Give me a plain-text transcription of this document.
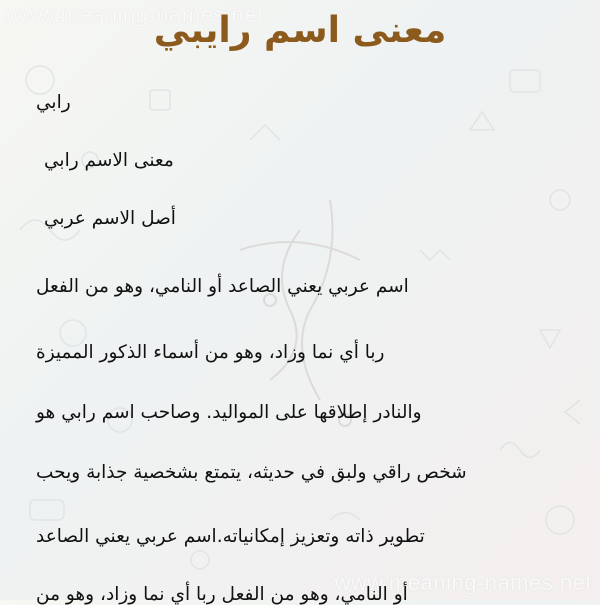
www.meaning-names.net
www.meaning-names.net
معنى اسم رايبي
رابي
معنى الاسم رابي
أصل الاسم عربي
اسم عربي يعني الصاعد أو النامي، وهو من الفعل
ربا أي نما وزاد، وهو من أسماء الذكور المميزة
والنادر إطلاقها على المواليد. وصاحب اسم رابي هو
شخص راقي ولبق في حديثه، يتمتع بشخصية جذابة ويحب
تطوير ذاته وتعزيز إمكانياته.اسم عربي يعني الصاعد
أو النامي، وهو من الفعل ربا أي نما وزاد، وهو من
